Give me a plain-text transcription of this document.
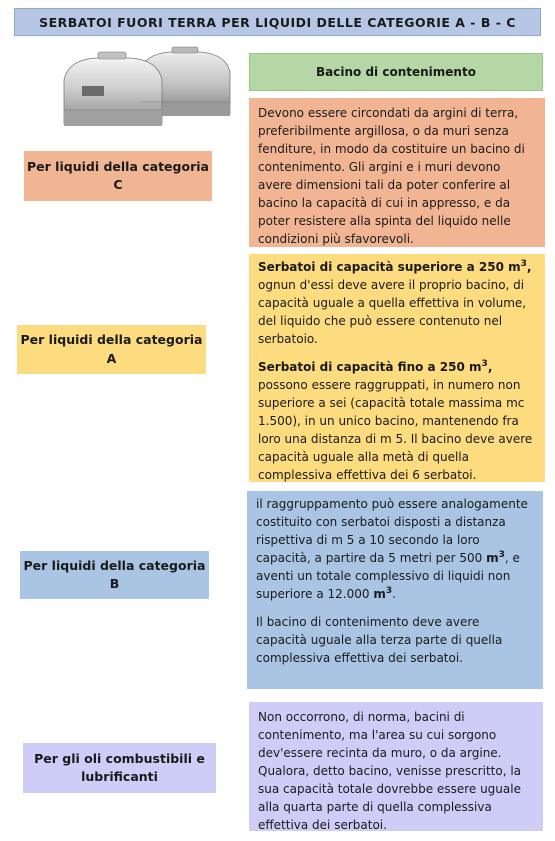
SERBATOI FUORI TERRA PER LIQUIDI DELLE CATEGORIE A - B - C
Bacino di contenimento
Per liquidi della categoria C
Devono essere circondati da argini di terra, preferibilmente argillosa, o da muri senza fenditure, in modo da costituire un bacino di contenimento. Gli argini e i muri devono avere dimensioni tali da poter conferire al bacino la capacità di cui in appresso, e da poter resistere alla spinta del liquido nelle condizioni più sfavorevoli.
Per liquidi della categoria A

Serbatoi di capacità superiore a 250 $m^3$,
ognun d'essi deve avere il proprio bacino, di capacità uguale a quella effettiva in volume, del liquido che può essere contenuto nel serbatoio.

Serbatoi di capacità fino a 250 $m^3$,
possono essere raggruppati, in numero non superiore a sei (capacità totale massima mc 1.500), in un unico bacino, mantenendo fra loro una distanza di m 5. Il bacino deve avere capacità uguale alla metà di quella complessiva effettiva dei 6 serbatoi.

Per liquidi della categoria B

il raggruppamento può essere analogamente costituito con serbatoi disposti a distanza rispettiva di m 5 a 10 secondo la loro capacità, a partire da 5 metri per 500 $m^3$, e aventi un totale complessivo di liquidi non superiore a 12.000 $m^3$.

Il bacino di contenimento deve avere capacità uguale alla terza parte di quella complessiva effettiva dei serbatoi.

Per gli oli combustibili e lubrificanti
Non occorrono, di norma, bacini di contenimento, ma l'area su cui sorgono dev'essere recinta da muro, o da argine. Qualora, detto bacino, venisse prescritto, la sua capacità totale dovrebbe essere uguale alla quarta parte di quella complessiva effettiva dei serbatoi.
